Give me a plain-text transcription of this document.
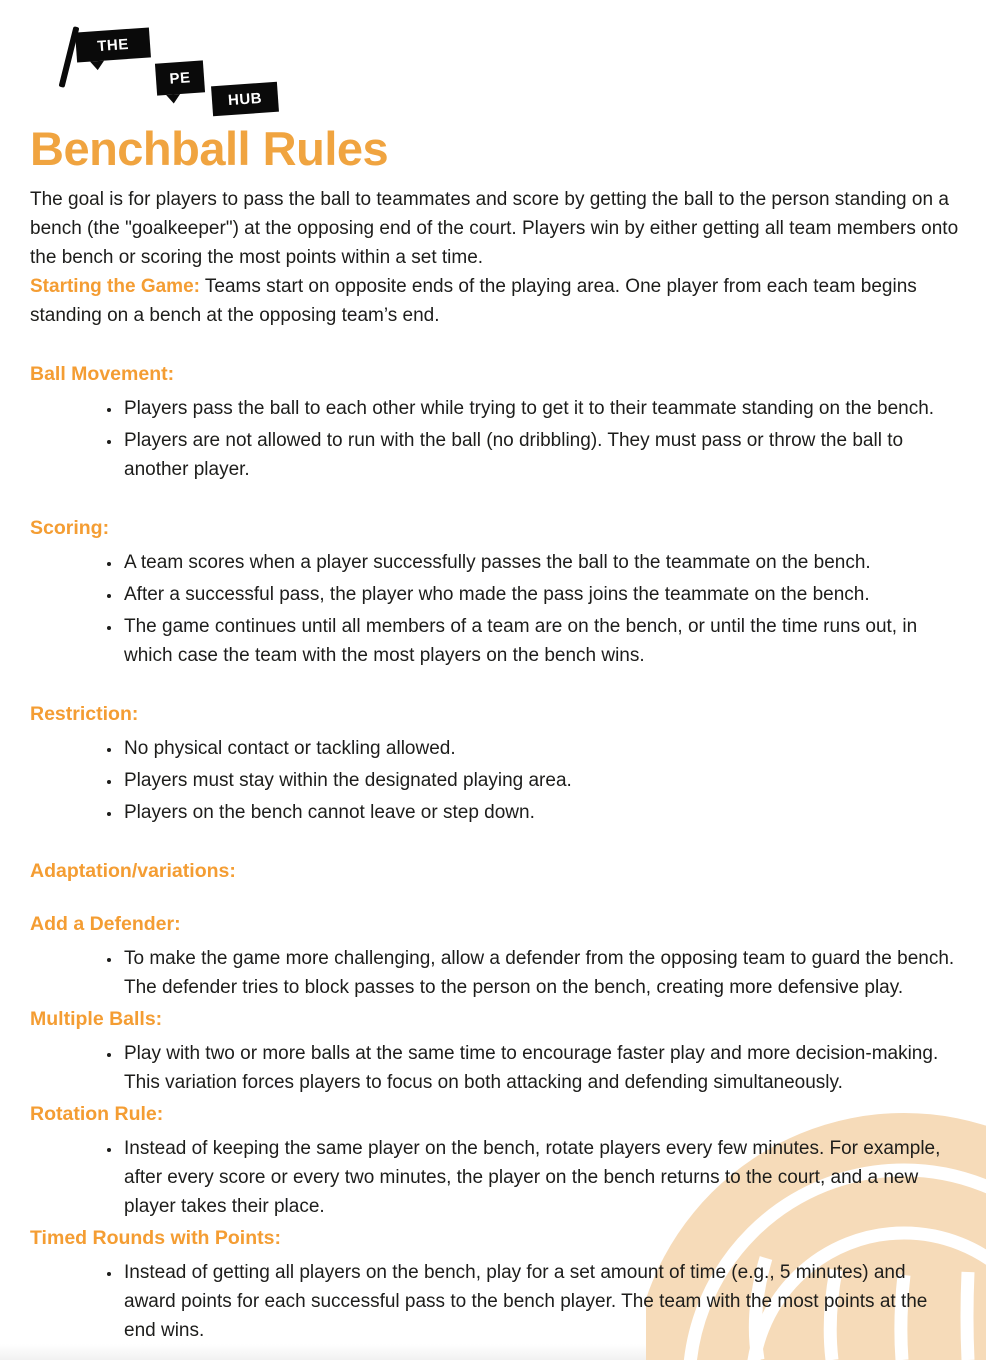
THE
PE
HUB
Benchball Rules

The goal is for players to pass the ball to teammates and score by getting the ball to the person standing on a bench (the "goalkeeper") at the opposing end of the court. Players win by either getting all team members onto the bench or scoring the most points within a set time.

Starting the Game: Teams start on opposite ends of the playing area. One player from each team begins standing on a bench at the opposing team’s end.

Ball Movement:
• Players pass the ball to each other while trying to get it to their teammate standing on the bench.
• Players are not allowed to run with the ball (no dribbling). They must pass or throw the ball to another player.
Scoring:
• A team scores when a player successfully passes the ball to the teammate on the bench.
• After a successful pass, the player who made the pass joins the teammate on the bench.
• The game continues until all members of a team are on the bench, or until the time runs out, in which case the team with the most players on the bench wins.
Restriction:
• No physical contact or tackling allowed.
• Players must stay within the designated playing area.
• Players on the bench cannot leave or step down.
Adaptation/variations:
Add a Defender:
• To make the game more challenging, allow a defender from the opposing team to guard the bench. The defender tries to block passes to the person on the bench, creating more defensive play.
Multiple Balls:
• Play with two or more balls at the same time to encourage faster play and more decision-making. This variation forces players to focus on both attacking and defending simultaneously.
Rotation Rule:
• Instead of keeping the same player on the bench, rotate players every few minutes. For example, after every score or every two minutes, the player on the bench returns to the court, and a new player takes their place.
Timed Rounds with Points:
• Instead of getting all players on the bench, play for a set amount of time (e.g., 5 minutes) and award points for each successful pass to the bench player. The team with the most points at the end wins.
